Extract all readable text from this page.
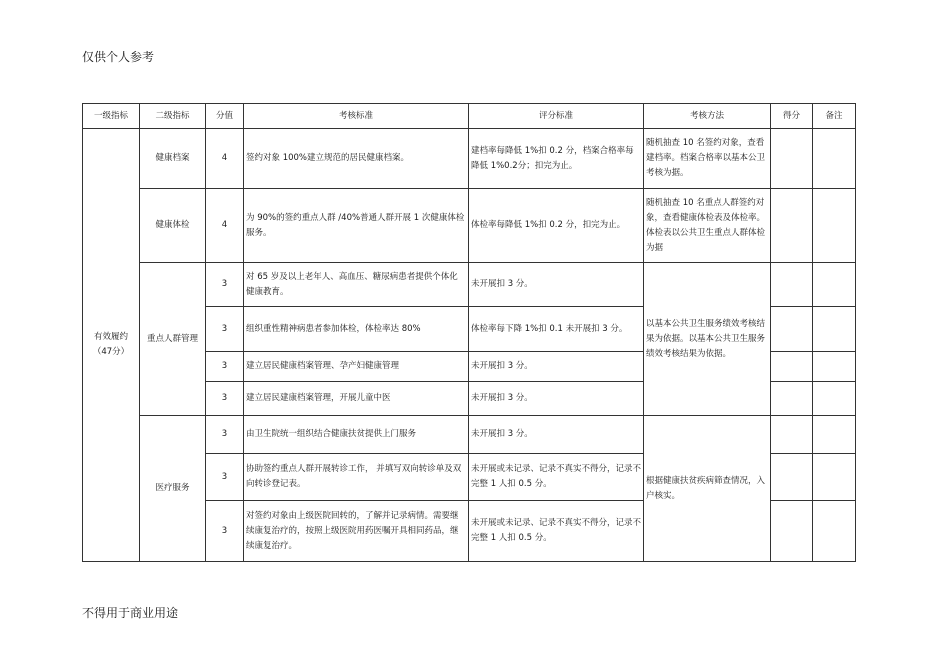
仅供个人参考
一级指标	二级指标	分值	考核标准	评分标准	考核方法	得分	备注
有效履约（47分）	健康档案	4	签约对象 100%建立规范的居民健康档案。	建档率每降低 1%扣 0.2 分，档案合格率每降低 1%0.2分；扣完为止。	随机抽查 10 名签约对象，查看建档率。档案合格率以基本公卫考核为据。		
	健康体检	4	为 90%的签约重点人群 /40%普通人群开展 1 次健康体检服务。	体检率每降低 1%扣 0.2 分，扣完为止。	随机抽查 10 名重点人群签约对象，查看健康体检表及体检率。体检表以公共卫生重点人群体检为据		
	重点人群管理	3	对 65 岁及以上老年人、高血压、糖尿病患者提供个体化健康教育。	未开展扣 3 分。	以基本公共卫生服务绩效考核结果为依据。以基本公共卫生服务绩效考核结果为依据。		
		3	组织重性精神病患者参加体检，体检率达 80%	体检率每下降 1%扣 0.1 未开展扣 3 分。			
		3	建立居民健康档案管理、孕产妇健康管理	未开展扣 3 分。			
		3	建立居民建康档案管理，开展儿童中医	未开展扣 3 分。			
	医疗服务	3	由卫生院统一组织结合健康扶贫提供上门服务	未开展扣 3 分。	根据健康扶贫疾病筛查情况，入户核实。		
		3	协助签约重点人群开展转诊工作， 并填写双向转诊单及双向转诊登记表。	未开展或未记录、记录不真实不得分，记录不完整 1 人扣 0.5 分。			
		3	对签约对象由上级医院回转的，了解并记录病情。需要继续康复治疗的，按照上级医院用药医嘱开具相同药品，继续康复治疗。	未开展或未记录、记录不真实不得分，记录不完整 1 人扣 0.5 分。			
不得用于商业用途
